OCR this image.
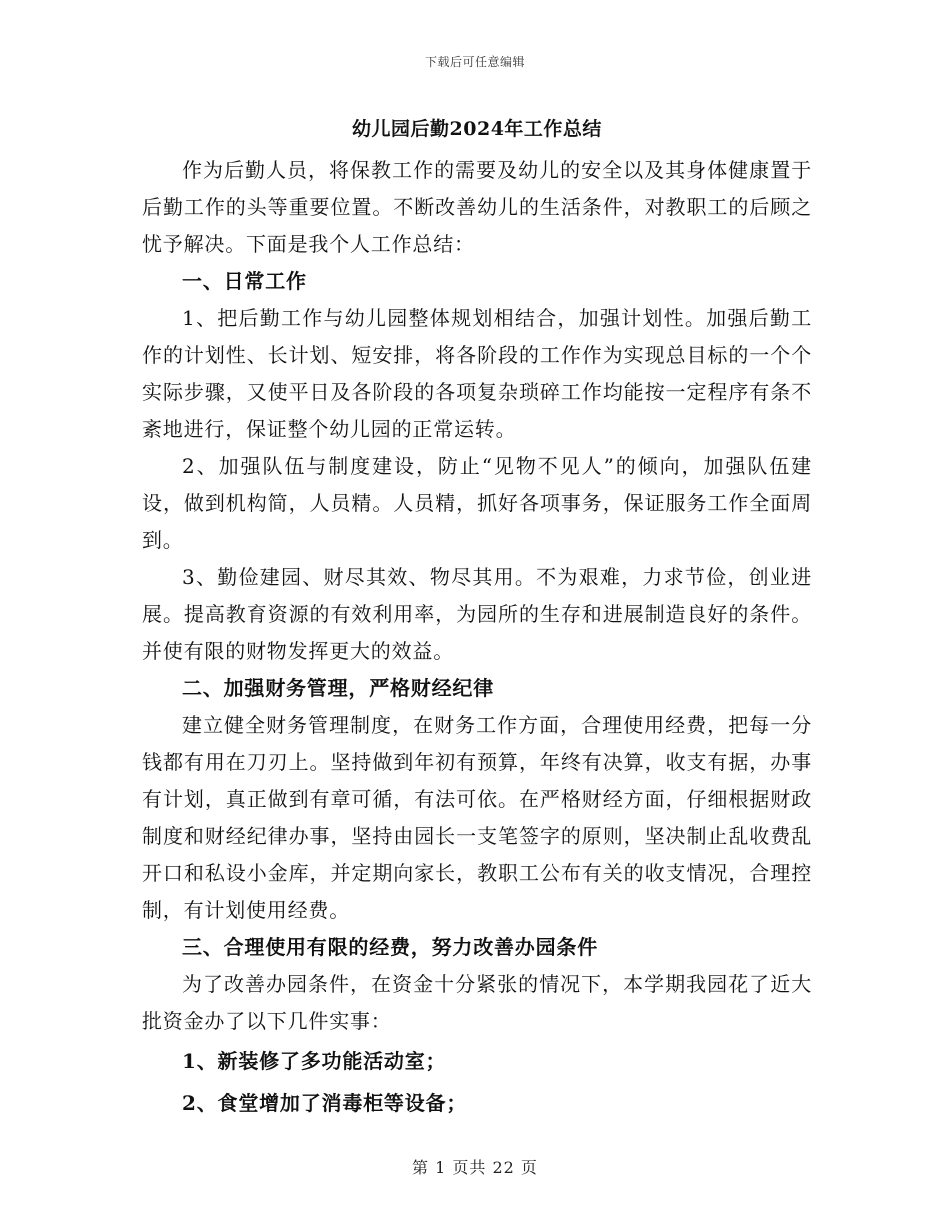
下载后可任意编辑
幼儿园后勤2024年工作总结

作为后勤人员，将保教工作的需要及幼儿的安全以及其身体健康置于后勤工作的头等重要位置。不断改善幼儿的生活条件，对教职工的后顾之忧予解决。下面是我个人工作总结：

一、日常工作

1、把后勤工作与幼儿园整体规划相结合，加强计划性。加强后勤工作的计划性、长计划、短安排，将各阶段的工作作为实现总目标的一个个实际步骤，又使平日及各阶段的各项复杂琐碎工作均能按一定程序有条不紊地进行，保证整个幼儿园的正常运转。

2、加强队伍与制度建设，防止“见物不见人”的倾向，加强队伍建设，做到机构简，人员精。人员精，抓好各项事务，保证服务工作全面周到。

3、勤俭建园、财尽其效、物尽其用。不为艰难，力求节俭，创业进展。提高教育资源的有效利用率，为园所的生存和进展制造良好的条件。并使有限的财物发挥更大的效益。

二、加强财务管理，严格财经纪律

建立健全财务管理制度，在财务工作方面，合理使用经费，把每一分钱都有用在刀刃上。坚持做到年初有预算，年终有决算，收支有据，办事有计划，真正做到有章可循，有法可依。在严格财经方面，仔细根据财政制度和财经纪律办事，坚持由园长一支笔签字的原则，坚决制止乱收费乱开口和私设小金库，并定期向家长，教职工公布有关的收支情况，合理控制，有计划使用经费。

三、合理使用有限的经费，努力改善办园条件

为了改善办园条件，在资金十分紧张的情况下，本学期我园花了近大批资金办了以下几件实事：

1、新装修了多功能活动室；

2、食堂增加了消毒柜等设备；

第 1 页共 22 页
